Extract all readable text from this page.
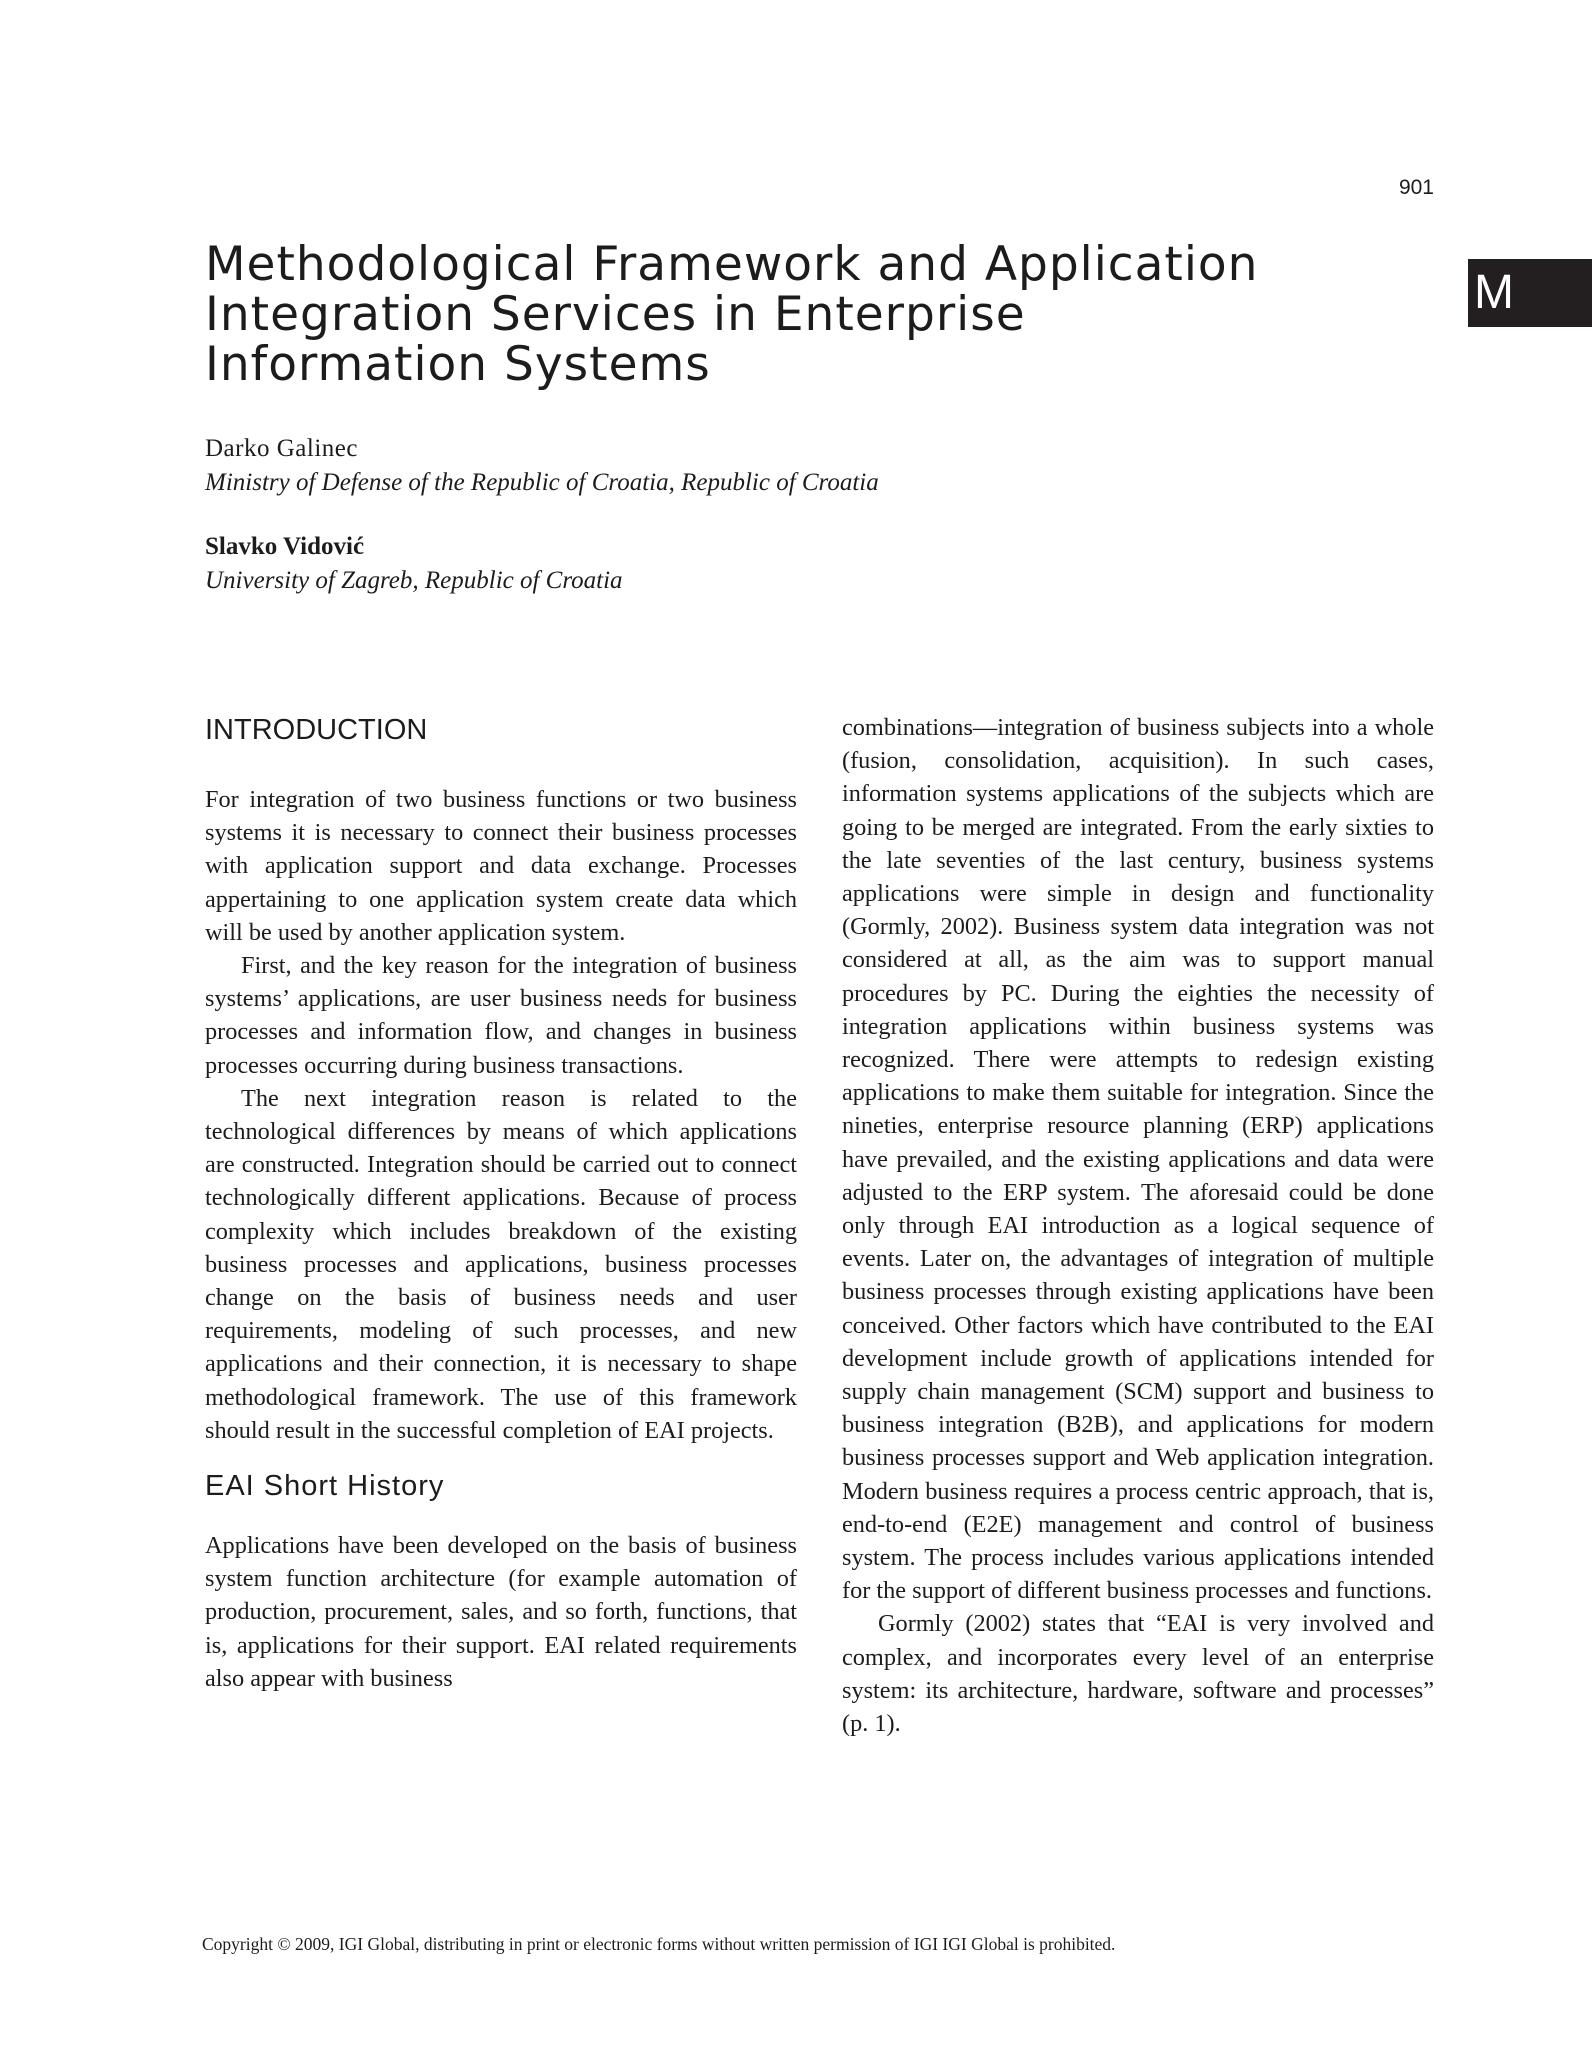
901
M
Methodological Framework and Application
Integration Services in Enterprise
Information Systems
Darko Galinec
Ministry of Defense of the Republic of Croatia, Republic of Croatia
Slavko Vidović
University of Zagreb, Republic of Croatia
INTRODUCTION

For integration of two business functions or two business systems it is necessary to connect their business processes with application support and data exchange. Processes appertaining to one application system create data which will be used by another application system.

First, and the key reason for the integration of business systems’ applications, are user business needs for business processes and information flow, and changes in business processes occurring during business transactions.

The next integration reason is related to the technological differences by means of which applications are constructed. Integration should be carried out to connect technologically different applications. Because of process complexity which includes breakdown of the existing business processes and applications, business processes change on the basis of business needs and user requirements, modeling of such processes, and new applications and their connection, it is necessary to shape methodological framework. The use of this framework should result in the successful completion of EAI projects.

EAI Short History

Applications have been developed on the basis of business system function architecture (for example automation of production, procurement, sales, and so forth, functions, that is, applications for their support. EAI related requirements also appear with business

combinations—integration of business subjects into a whole (fusion, consolidation, acquisition). In such cases, information systems applications of the subjects which are going to be merged are integrated. From the early sixties to the late seventies of the last century, business systems applications were simple in design and functionality (Gormly, 2002). Business system data integration was not considered at all, as the aim was to support manual procedures by PC. During the eighties the necessity of integration applications within business systems was recognized. There were attempts to redesign existing applications to make them suitable for integration. Since the nineties, enterprise resource planning (ERP) applications have prevailed, and the existing applications and data were adjusted to the ERP system. The aforesaid could be done only through EAI introduction as a logical sequence of events. Later on, the advantages of integration of multiple business processes through existing applications have been conceived. Other factors which have contributed to the EAI development include growth of applications intended for supply chain management (SCM) support and business to business integration (B2B), and applications for modern business processes support and Web application integration. Modern business requires a process centric approach, that is, end-to-end (E2E) management and control of business system. The process includes various applications intended for the support of different business processes and functions.

Gormly (2002) states that “EAI is very involved and complex, and incorporates every level of an enterprise system: its architecture, hardware, software and processes” (p. 1).

Copyright © 2009, IGI Global, distributing in print or electronic forms without written permission of IGI IGI Global is prohibited.
